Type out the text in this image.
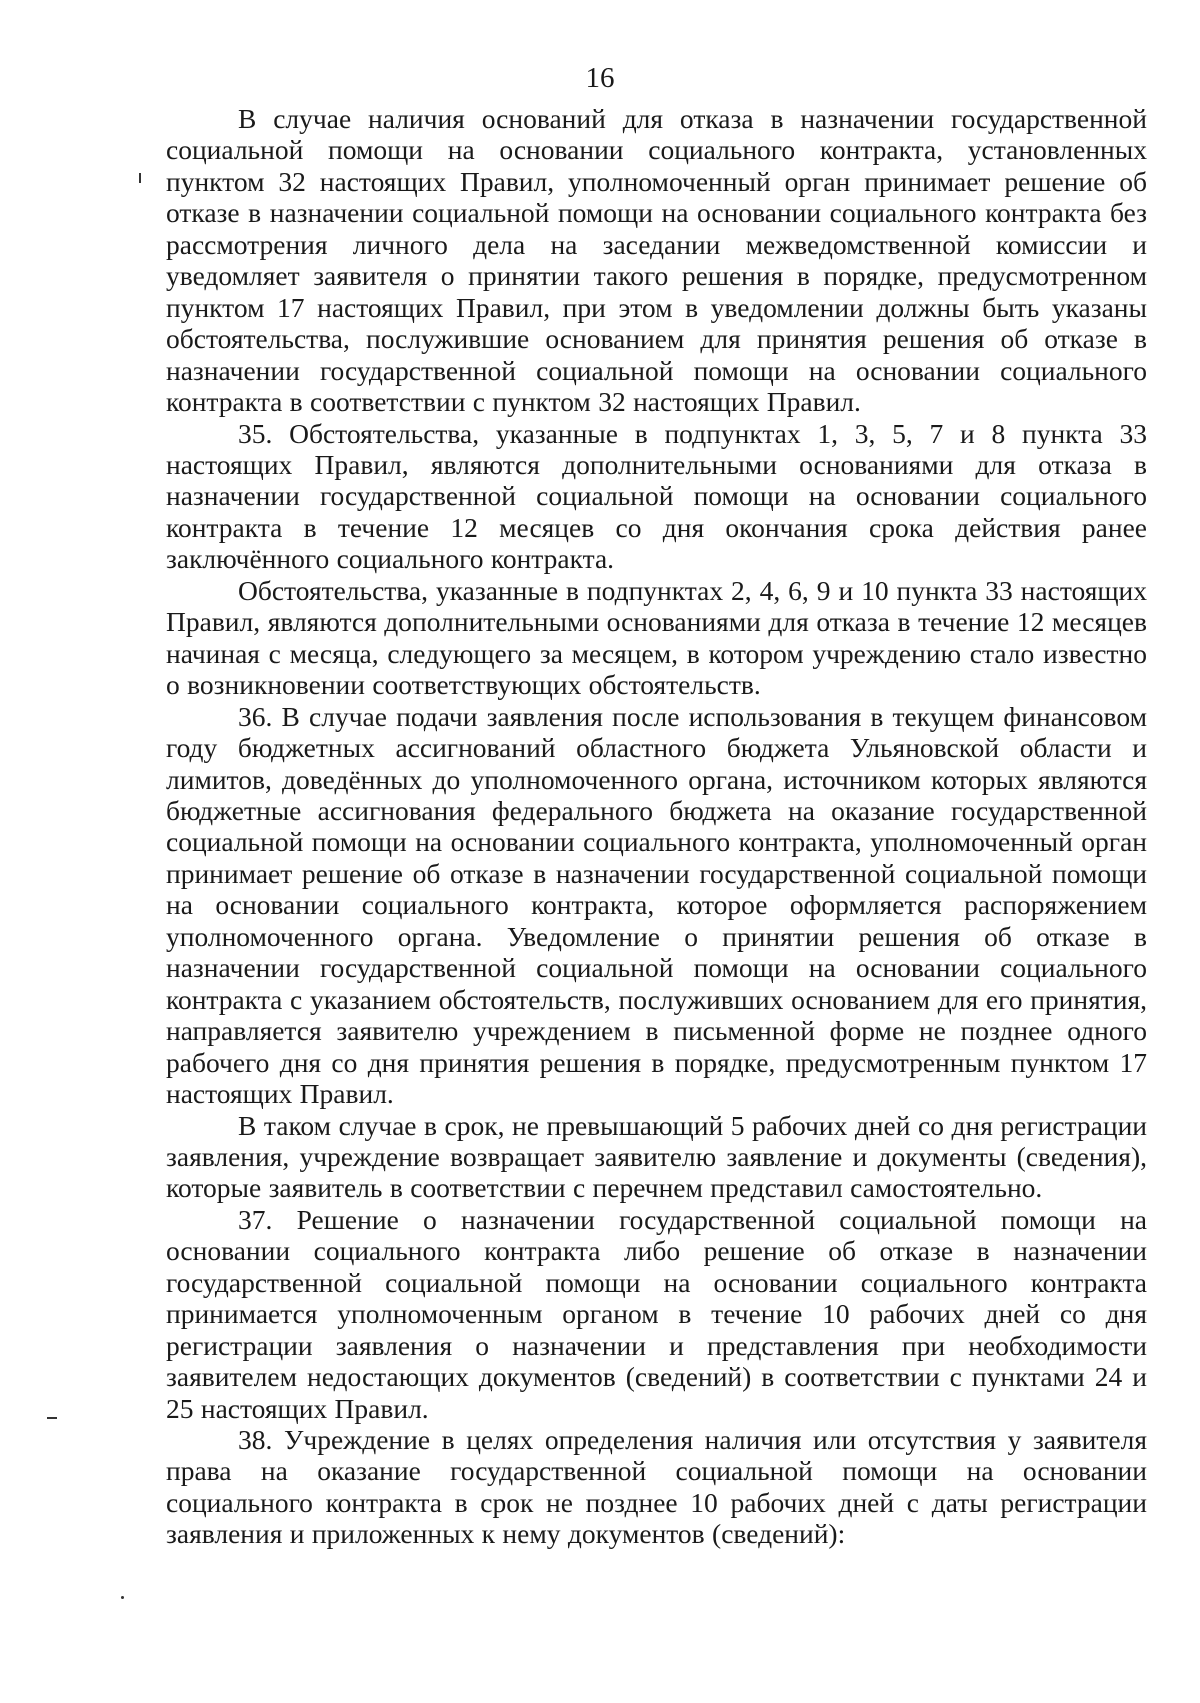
16

В случае наличия оснований для отказа в назначении государственной социальной помощи на основании социального контракта, установленных пунктом 32 настоящих Правил, уполномоченный орган принимает решение об отказе в назначении социальной помощи на основании социального контракта без рассмотрения личного дела на заседании межведомственной комиссии и уведомляет заявителя о принятии такого решения в порядке, предусмотренном пунктом 17 настоящих Правил, при этом в уведомлении должны быть указаны обстоятельства, послужившие основанием для принятия решения об отказе в назначении государственной социальной помощи на основании социального контракта в соответствии с пунктом 32 настоящих Правил.

35. Обстоятельства, указанные в подпунктах 1, 3, 5, 7 и 8 пункта 33 настоящих Правил, являются дополнительными основаниями для отказа в назначении государственной социальной помощи на основании социального контракта в течение 12 месяцев со дня окончания срока действия ранее заключённого социального контракта.

Обстоятельства, указанные в подпунктах 2, 4, 6, 9 и 10 пункта 33 настоящих Правил, являются дополнительными основаниями для отказа в течение 12 месяцев начиная с месяца, следующего за месяцем, в котором учреждению стало известно о возникновении соответствующих обстоятельств.

36. В случае подачи заявления после использования в текущем финансовом году бюджетных ассигнований областного бюджета Ульяновской области и лимитов, доведённых до уполномоченного органа, источником которых являются бюджетные ассигнования федерального бюджета на оказание государственной социальной помощи на основании социального контракта, уполномоченный орган принимает решение об отказе в назначении государственной социальной помощи на основании социального контракта, которое оформляется распоряжением уполномоченного органа. Уведомление о принятии решения об отказе в назначении государственной социальной помощи на основании социального контракта с указанием обстоятельств, послуживших основанием для его принятия, направляется заявителю учреждением в письменной форме не позднее одного рабочего дня со дня принятия решения в порядке, предусмотренным пунктом 17 настоящих Правил.

В таком случае в срок, не превышающий 5 рабочих дней со дня регистрации заявления, учреждение возвращает заявителю заявление и документы (сведения), которые заявитель в соответствии с перечнем представил самостоятельно.

37. Решение о назначении государственной социальной помощи на основании социального контракта либо решение об отказе в назначении государственной социальной помощи на основании социального контракта принимается уполномоченным органом в течение 10 рабочих дней со дня регистрации заявления о назначении и представления при необходимости заявителем недостающих документов (сведений) в соответствии с пунктами 24 и 25 настоящих Правил.

38. Учреждение в целях определения наличия или отсутствия у заявителя права на оказание государственной социальной помощи на основании социального контракта в срок не позднее 10 рабочих дней с даты регистрации заявления и приложенных к нему документов (сведений):
